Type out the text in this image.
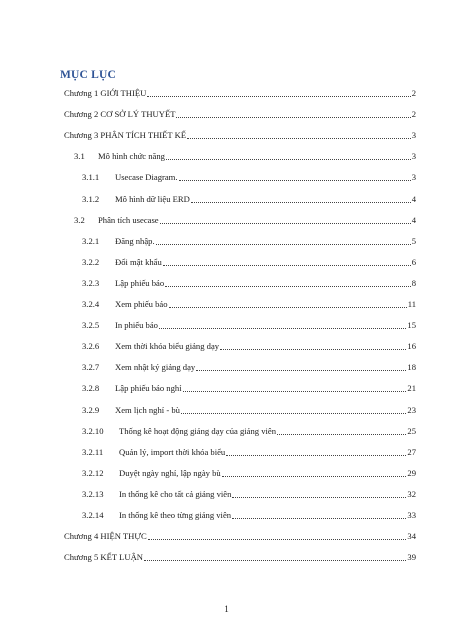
MỤC LỤC
Chương 1 GIỚI THIỆU	2
Chương 2 CƠ SỞ LÝ THUYẾT	2
Chương 3 PHÂN TÍCH THIẾT KẾ	3
3.1	Mô hình chức năng	3
3.1.1	Usecase Diagram.	3
3.1.2	Mô hình dữ liệu ERD	4
3.2	Phân tích usecase	4
3.2.1	Đăng nhập.	5
3.2.2	Đổi mật khẩu	6
3.2.3	Lập phiếu báo	8
3.2.4	Xem phiếu báo	11
3.2.5	In phiếu báo	15
3.2.6	Xem thời khóa biểu giảng dạy	16
3.2.7	Xem nhật ký giảng dạy	18
3.2.8	Lập phiếu báo nghỉ	21
3.2.9	Xem lịch nghỉ - bù	23
3.2.10	Thống kê hoạt động giảng dạy của giảng viên	25
3.2.11	Quản lý, import thời khóa biểu	27
3.2.12	Duyệt ngày nghỉ, lập ngày bù	29
3.2.13	In thống kê cho tất cả giảng viên	32
3.2.14	In thống kê theo từng giảng viên	33
Chương 4 HIỆN THỰC	34
Chương 5 KẾT LUẬN	39
1
